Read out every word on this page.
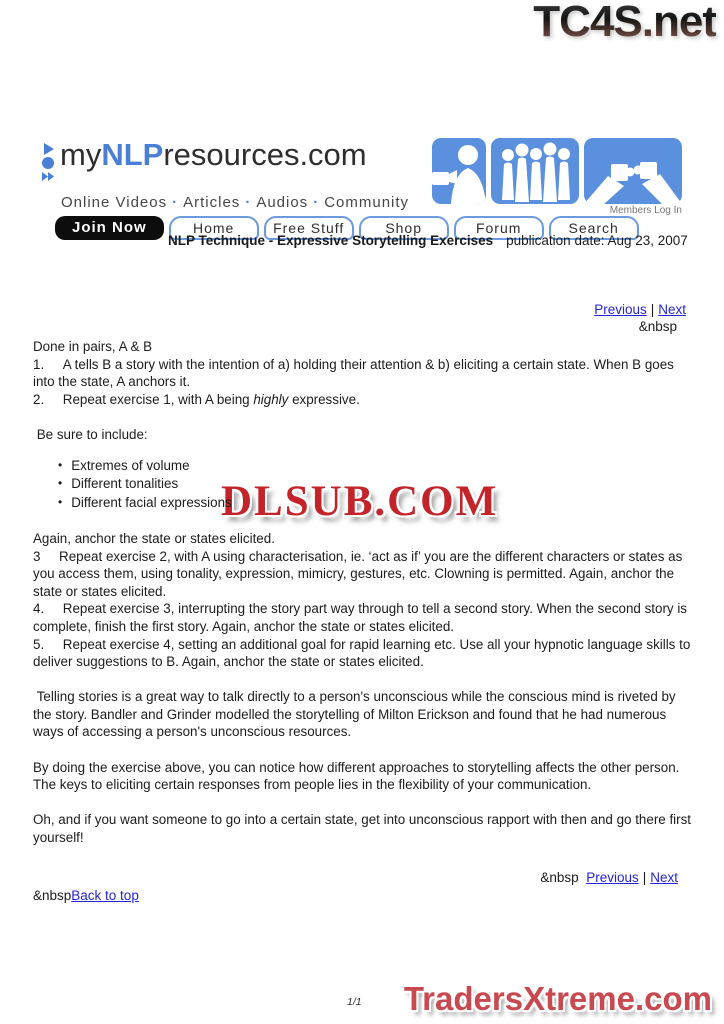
TC4S.net
DLSUB.COM
TradersXtreme.com
myNLPresources.com
Online Videos · Articles · Audios · Community	Members Log In
Join Now	Home	Free Stuff	Shop	Forum	Search
NLP Technique - Expressive Storytelling Exercises publication date: Aug 23, 2007
Previous | Next
&nbsp

Done in pairs, A & B

1.     A tells B a story with the intention of a) holding their attention & b) eliciting a certain state. When B goes into the state, A anchors it.

2.     Repeat exercise 1, with A being highly expressive.

Be sure to include:

• Extremes of volume
• Different tonalities
• Different facial expressions

Again, anchor the state or states elicited.

3     Repeat exercise 2, with A using characterisation, ie. ‘act as if’ you are the different characters or states as you access them, using tonality, expression, mimicry, gestures, etc. Clowning is permitted. Again, anchor the state or states elicited.

4.     Repeat exercise 3, interrupting the story part way through to tell a second story. When the second story is complete, finish the first story. Again, anchor the state or states elicited.

5.     Repeat exercise 4, setting an additional goal for rapid learning etc. Use all your hypnotic language skills to deliver suggestions to B. Again, anchor the state or states elicited.

Telling stories is a great way to talk directly to a person's unconscious while the conscious mind is riveted by the story. Bandler and Grinder modelled the storytelling of Milton Erickson and found that he had numerous ways of accessing a person's unconscious resources.

By doing the exercise above, you can notice how different approaches to storytelling affects the other person. The keys to eliciting certain responses from people lies in the flexibility of your communication.

Oh, and if you want someone to go into a certain state, get into unconscious rapport with then and go there first yourself!

&nbsp Previous | Next
&nbspBack to top
1/1
